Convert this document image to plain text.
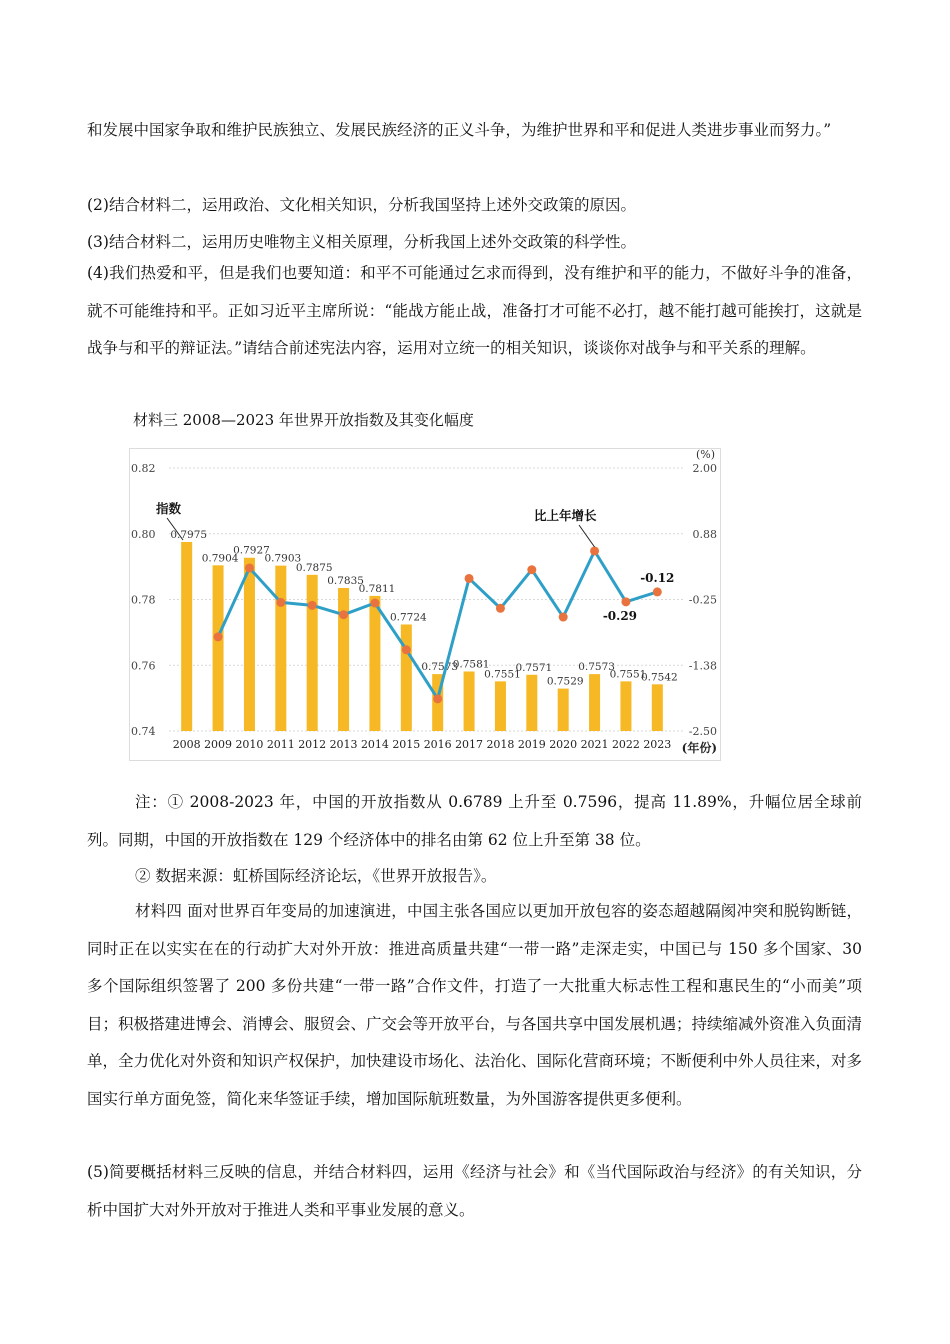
和发展中国家争取和维护民族独立、发展民族经济的正义斗争，为维护世界和平和促进人类进步事业而努力。”

(2)结合材料二，运用政治、文化相关知识，分析我国坚持上述外交政策的原因。

(3)结合材料二，运用历史唯物主义相关原理，分析我国上述外交政策的科学性。

(4)我们热爱和平，但是我们也要知道：和平不可能通过乞求而得到，没有维护和平的能力，不做好斗争的准备，就不可能维持和平。正如习近平主席所说：“能战方能止战，准备打才可能不必打，越不能打越可能挨打，这就是战争与和平的辩证法。”请结合前述宪法内容，运用对立统一的相关知识，谈谈你对战争与和平关系的理解。

材料三 2008—2023 年世界开放指数及其变化幅度
0.82	2.00
0.80	0.88
0.78	-0.25
0.76	-1.38
0.74	-2.50
(%)
0.7975
0.7904
0.7927
0.7903
0.7875
0.7835
0.7811
0.7724
0.7573
0.7581
0.7551
0.7571
0.7529
0.7573
0.7551
0.7542
2008 2009 2010 2011 2012 2013 2014 2015 2016 2017 2018 2019 2020 2021 2022 2023 (年份)
-0.29
-0.12
指数	比上年增长

注：① 2008-2023 年，中国的开放指数从 0.6789 上升至 0.7596，提高 11.89%，升幅位居全球前列。同期，中国的开放指数在 129 个经济体中的排名由第 62 位上升至第 38 位。

② 数据来源：虹桥国际经济论坛，《世界开放报告》。

材料四 面对世界百年变局的加速演进，中国主张各国应以更加开放包容的姿态超越隔阂冲突和脱钩断链，同时正在以实实在在的行动扩大对外开放：推进高质量共建“一带一路”走深走实，中国已与 150 多个国家、30 多个国际组织签署了 200 多份共建“一带一路”合作文件，打造了一大批重大标志性工程和惠民生的“小而美”项目；积极搭建进博会、消博会、服贸会、广交会等开放平台，与各国共享中国发展机遇；持续缩减外资准入负面清单，全力优化对外资和知识产权保护，加快建设市场化、法治化、国际化营商环境；不断便利中外人员往来，对多国实行单方面免签，简化来华签证手续，增加国际航班数量，为外国游客提供更多便利。

(5)简要概括材料三反映的信息，并结合材料四，运用《经济与社会》和《当代国际政治与经济》的有关知识，分析中国扩大对外开放对于推进人类和平事业发展的意义。
